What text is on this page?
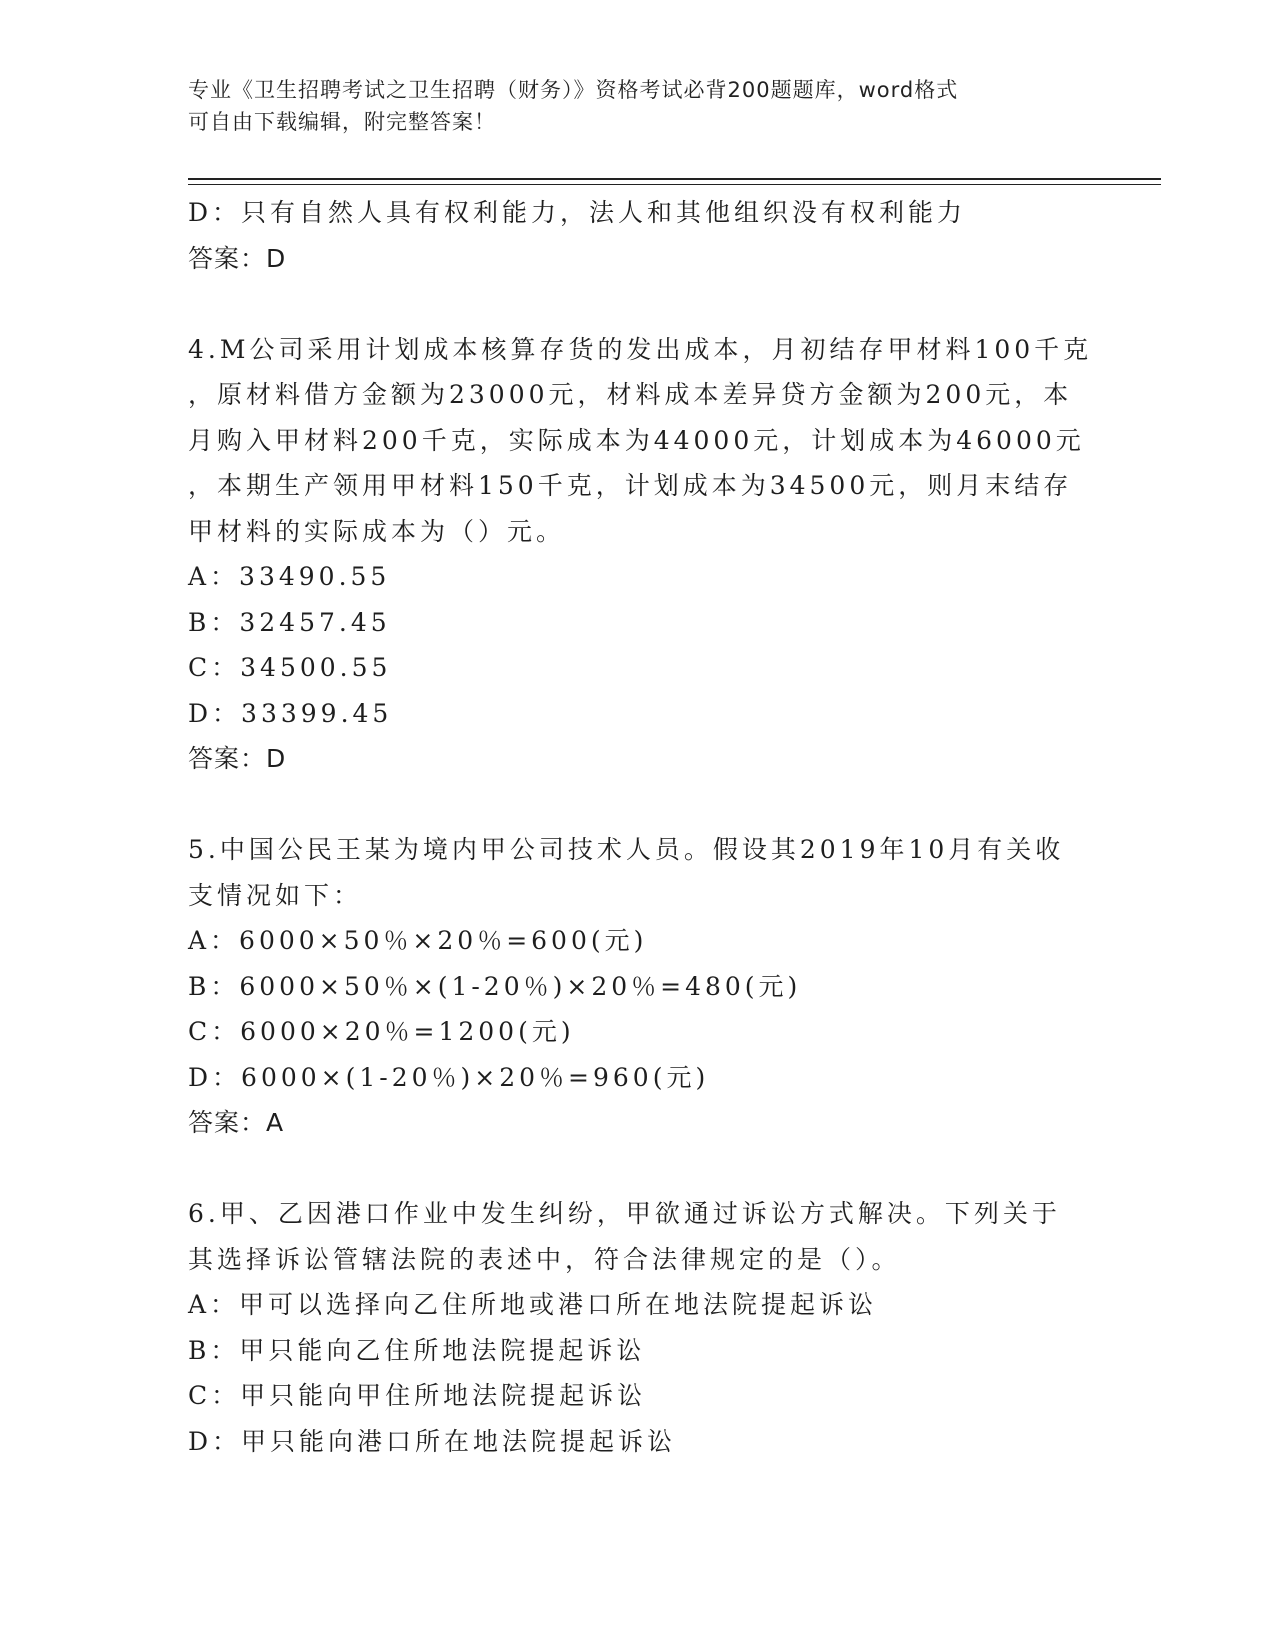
专业《卫生招聘考试之卫生招聘（财务）》资格考试必背200题题库，word格式
可自由下载编辑，附完整答案！
D：只有自然人具有权利能力，法人和其他组织没有权利能力
答案：D
4.M公司采用计划成本核算存货的发出成本，月初结存甲材料100千克
，原材料借方金额为23000元，材料成本差异贷方金额为200元，本
月购入甲材料200千克，实际成本为44000元，计划成本为46000元
，本期生产领用甲材料150千克，计划成本为34500元，则月末结存
甲材料的实际成本为（）元。
A：33490.55
B：32457.45
C：34500.55
D：33399.45
答案：D
5.中国公民王某为境内甲公司技术人员。假设其2019年10月有关收
支情况如下：
A：6000×50％×20％=600(元)
B：6000×50％×(1-20％)×20％=480(元)
C：6000×20％=1200(元)
D：6000×(1-20％)×20％=960(元)
答案：A
6.甲、乙因港口作业中发生纠纷，甲欲通过诉讼方式解决。下列关于
其选择诉讼管辖法院的表述中，符合法律规定的是（）。
A：甲可以选择向乙住所地或港口所在地法院提起诉讼
B：甲只能向乙住所地法院提起诉讼
C：甲只能向甲住所地法院提起诉讼
D：甲只能向港口所在地法院提起诉讼
